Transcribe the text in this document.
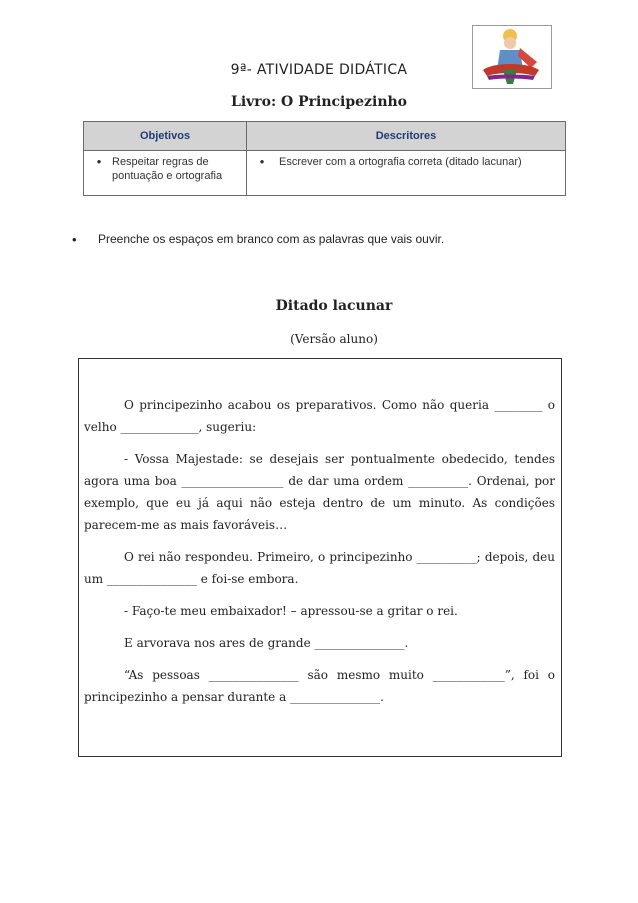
9ª- ATIVIDADE DIDÁTICA
Livro: O Principezinho
Objetivos	Descritores

• Respeitar regras de pontuação e ortografia	• Escrever com a ortografia correta (ditado lacunar)
•	Preenche os espaços em branco com as palavras que vais ouvir.
Ditado lacunar
(Versão aluno)

O principezinho acabou os preparativos. Como não queria ________ o velho _____________, sugeriu:

- Vossa Majestade: se desejais ser pontualmente obedecido, tendes agora uma boa _________________ de dar uma ordem __________. Ordenai, por exemplo, que eu já aqui não esteja dentro de um minuto. As condições parecem-me as mais favoráveis…

O rei não respondeu. Primeiro, o principezinho __________; depois, deu um _______________ e foi-se embora.

- Faço-te meu embaixador! – apressou-se a gritar o rei.

E arvorava nos ares de grande _______________.

“As pessoas _______________ são mesmo muito ____________”, foi o principezinho a pensar durante a _______________.
